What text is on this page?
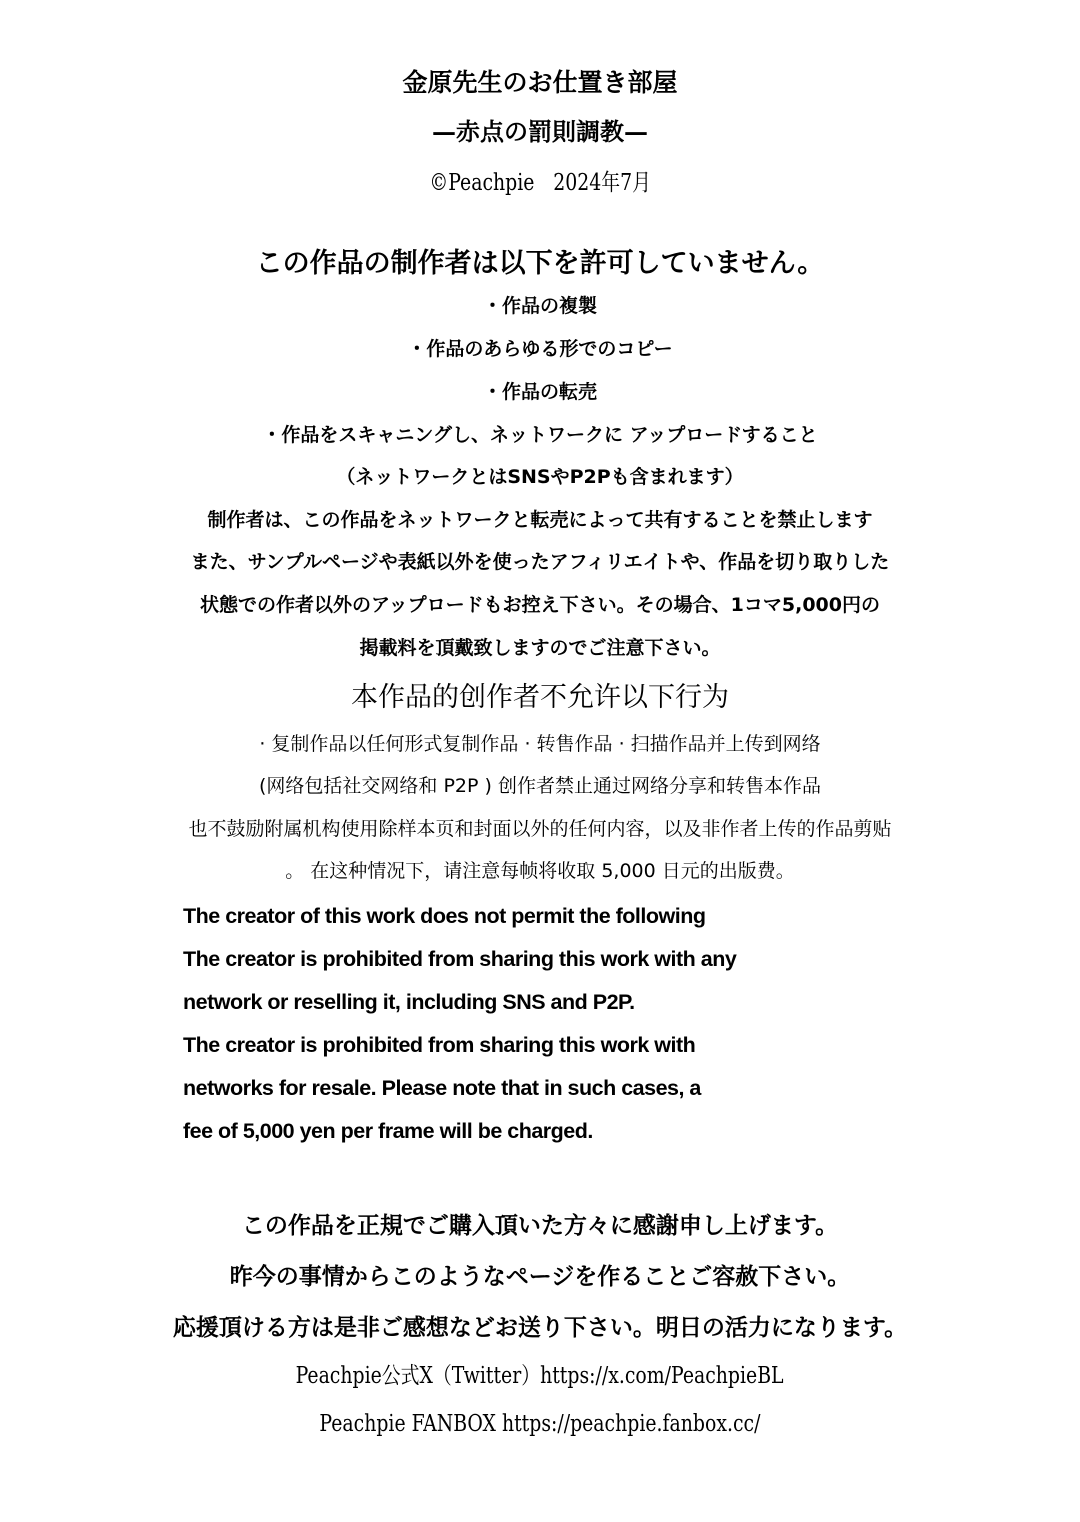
金原先生のお仕置き部屋
—赤点の罰則調教—
©Peachpie　2024年7月
この作品の制作者は以下を許可していません。
・作品の複製
・作品のあらゆる形でのコピー
・作品の転売
・作品をスキャニングし、ネットワークに アップロードすること
（ネットワークとはSNSやP2Pも含まれます）
制作者は、この作品をネットワークと転売によって共有することを禁止します
また、サンプルページや表紙以外を使ったアフィリエイトや、作品を切り取りした
状態での作者以外のアップロードもお控え下さい。その場合、1コマ5,000円の
掲載料を頂戴致しますのでご注意下さい。
本作品的创作者不允许以下行为
· 复制作品以任何形式复制作品 · 转售作品 · 扫描作品并上传到网络
(网络包括社交网络和 P2P ) 创作者禁止通过网络分享和转售本作品
也不鼓励附属机构使用除样本页和封面以外的任何内容，以及非作者上传的作品剪贴
。 在这种情况下，请注意每帧将收取 5,000 日元的出版费。
The creator of this work does not permit the following
The creator is prohibited from sharing this work with any
network or reselling it, including SNS and P2P.
The creator is prohibited from sharing this work with
networks for resale. Please note that in such cases, a
fee of 5,000 yen per frame will be charged.
この作品を正規でご購入頂いた方々に感謝申し上げます。
昨今の事情からこのようなページを作ることご容赦下さい。
応援頂ける方は是非ご感想などお送り下さい。明日の活力になります。
Peachpie公式X（Twitter）https://x.com/PeachpieBL
Peachpie FANBOX https://peachpie.fanbox.cc/
